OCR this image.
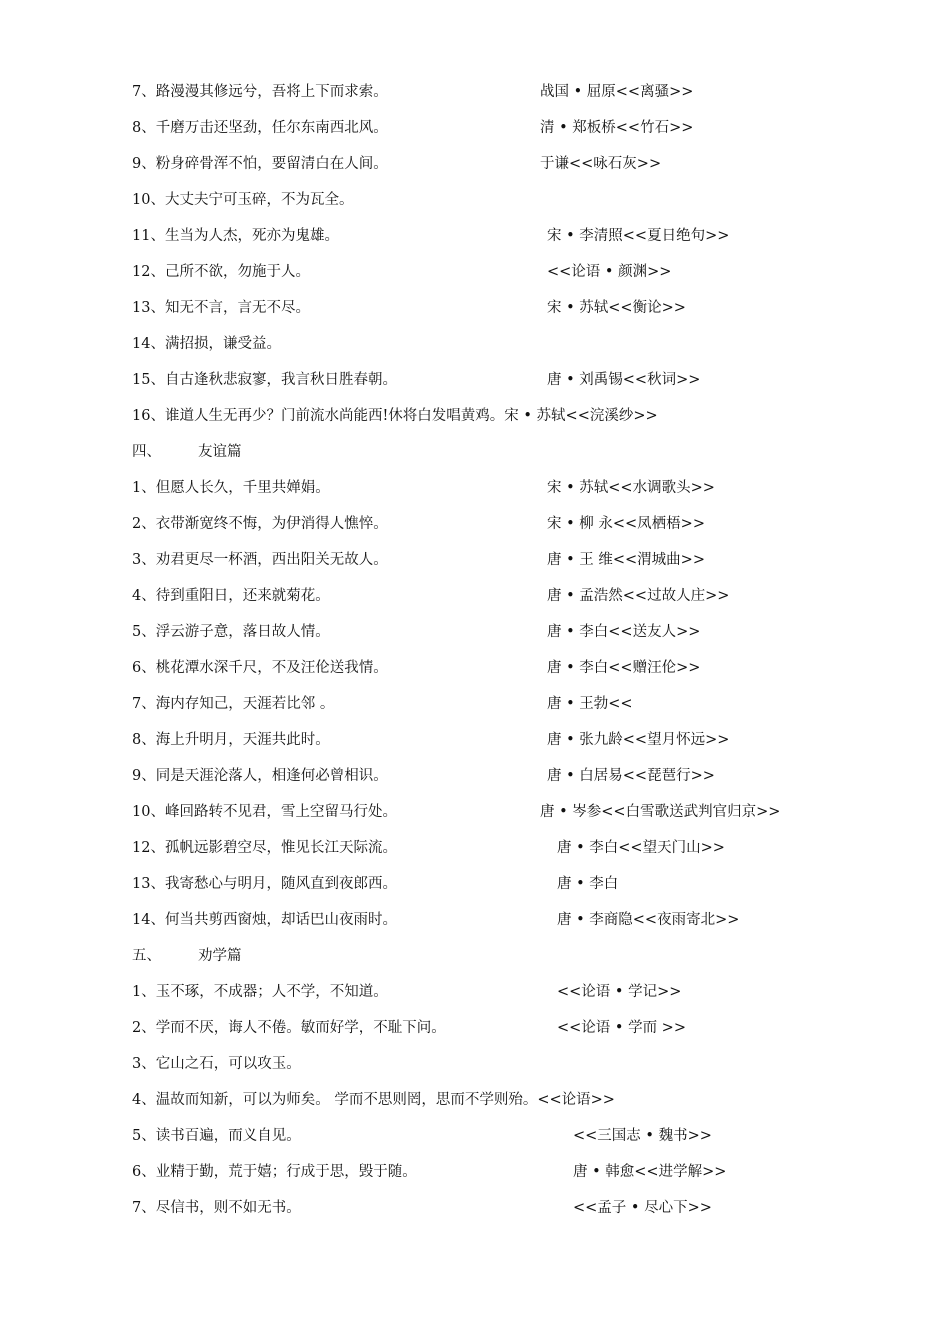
7、路漫漫其修远兮，吾将上下而求索。	战国 • 屈原<<离骚>>
8、千磨万击还坚劲，任尔东南西北风。	清 • 郑板桥<<竹石>>
9、粉身碎骨浑不怕，要留清白在人间。	于谦<<咏石灰>>
10、大丈夫宁可玉碎，不为瓦全。
11、生当为人杰，死亦为鬼雄。	宋 • 李清照<<夏日绝句>>
12、己所不欲，勿施于人。	<<论语 • 颜渊>>
13、知无不言，言无不尽。	宋 • 苏轼<<衡论>>
14、满招损，谦受益。
15、自古逢秋悲寂寥，我言秋日胜春朝。	唐 • 刘禹锡<<秋词>>
16、谁道人生无再少？门前流水尚能西!休将白发唱黄鸡。宋 • 苏轼<<浣溪纱>>
四、	友谊篇
1、但愿人长久，千里共婵娟。	宋 • 苏轼<<水调歌头>>
2、衣带渐宽终不悔，为伊消得人憔悴。	宋 • 柳 永<<凤栖梧>>
3、劝君更尽一杯酒，西出阳关无故人。	唐 • 王 维<<渭城曲>>
4、待到重阳日，还来就菊花。	唐 • 孟浩然<<过故人庄>>
5、浮云游子意，落日故人情。	唐 • 李白<<送友人>>
6、桃花潭水深千尺，不及汪伦送我情。	唐 • 李白<<赠汪伦>>
7、海内存知己，天涯若比邻 。	唐 • 王勃<<
8、海上升明月，天涯共此时。	唐 • 张九龄<<望月怀远>>
9、同是天涯沦落人，相逢何必曾相识。	唐 • 白居易<<琵琶行>>
10、峰回路转不见君，雪上空留马行处。	唐 • 岑参<<白雪歌送武判官归京>>
12、孤帆远影碧空尽，惟见长江天际流。	唐 • 李白<<望天门山>>
13、我寄愁心与明月，随风直到夜郎西。	唐 • 李白
14、何当共剪西窗烛，却话巴山夜雨时。	唐 • 李商隐<<夜雨寄北>>
五、	劝学篇
1、玉不琢，不成器；人不学，不知道。	<<论语 • 学记>>
2、学而不厌，诲人不倦。敏而好学，不耻下问。	<<论语 • 学而 >>
3、它山之石，可以攻玉。
4、温故而知新，可以为师矣。 学而不思则罔，思而不学则殆。<<论语>>
5、读书百遍，而义自见。	<<三国志 • 魏书>>
6、业精于勤，荒于嬉；行成于思，毁于随。	唐 • 韩愈<<进学解>>
7、尽信书，则不如无书。	<<孟子 • 尽心下>>
